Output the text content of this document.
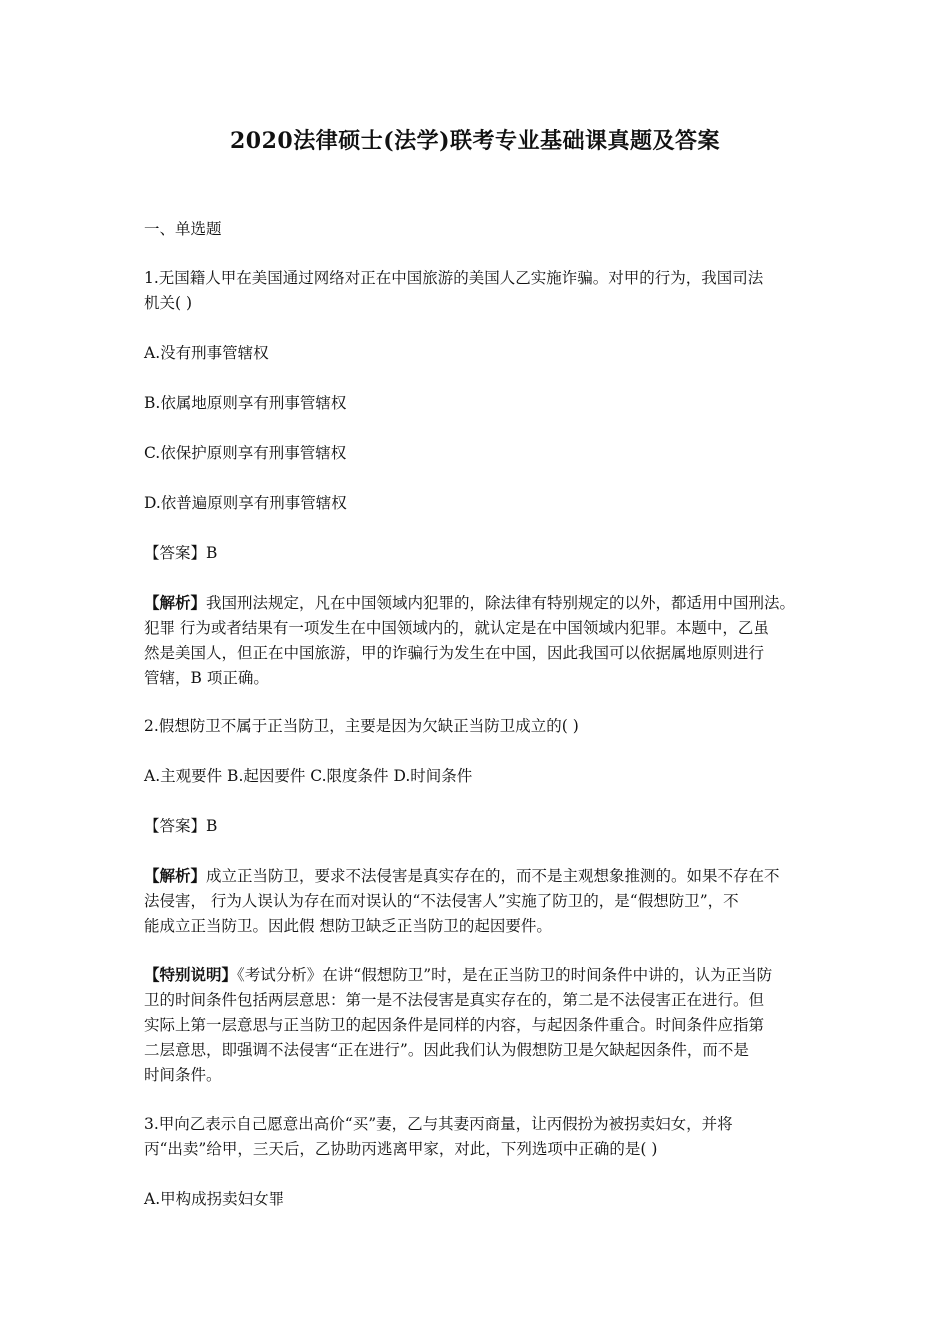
2020法律硕士(法学)联考专业基础课真题及答案
一、单选题

1.无国籍人甲在美国通过网络对正在中国旅游的美国人乙实施诈骗。对甲的行为，我国司法

机关( )

A.没有刑事管辖权
B.依属地原则享有刑事管辖权
C.依保护原则享有刑事管辖权
D.依普遍原则享有刑事管辖权
【答案】B

【解析】我国刑法规定，凡在中国领域内犯罪的，除法律有特别规定的以外，都适用中国刑法。

犯罪 行为或者结果有一项发生在中国领域内的，就认定是在中国领域内犯罪。本题中，乙虽

然是美国人，但正在中国旅游，甲的诈骗行为发生在中国，因此我国可以依据属地原则进行

管辖，B 项正确。

2.假想防卫不属于正当防卫，主要是因为欠缺正当防卫成立的( )
A.主观要件 B.起因要件 C.限度条件 D.时间条件
【答案】B

【解析】成立正当防卫，要求不法侵害是真实存在的，而不是主观想象推测的。如果不存在不

法侵害， 行为人误认为存在而对误认的“不法侵害人”实施了防卫的，是“假想防卫”，不

能成立正当防卫。因此假 想防卫缺乏正当防卫的起因要件。

【特别说明】《考试分析》在讲“假想防卫”时，是在正当防卫的时间条件中讲的，认为正当防

卫的时间条件包括两层意思：第一是不法侵害是真实存在的，第二是不法侵害正在进行。但

实际上第一层意思与正当防卫的起因条件是同样的内容，与起因条件重合。时间条件应指第

二层意思，即强调不法侵害“正在进行”。因此我们认为假想防卫是欠缺起因条件，而不是

时间条件。

3.甲向乙表示自己愿意出高价“买”妻，乙与其妻丙商量，让丙假扮为被拐卖妇女，并将

丙“出卖”给甲，三天后，乙协助丙逃离甲家，对此，下列选项中正确的是( )

A.甲构成拐卖妇女罪
